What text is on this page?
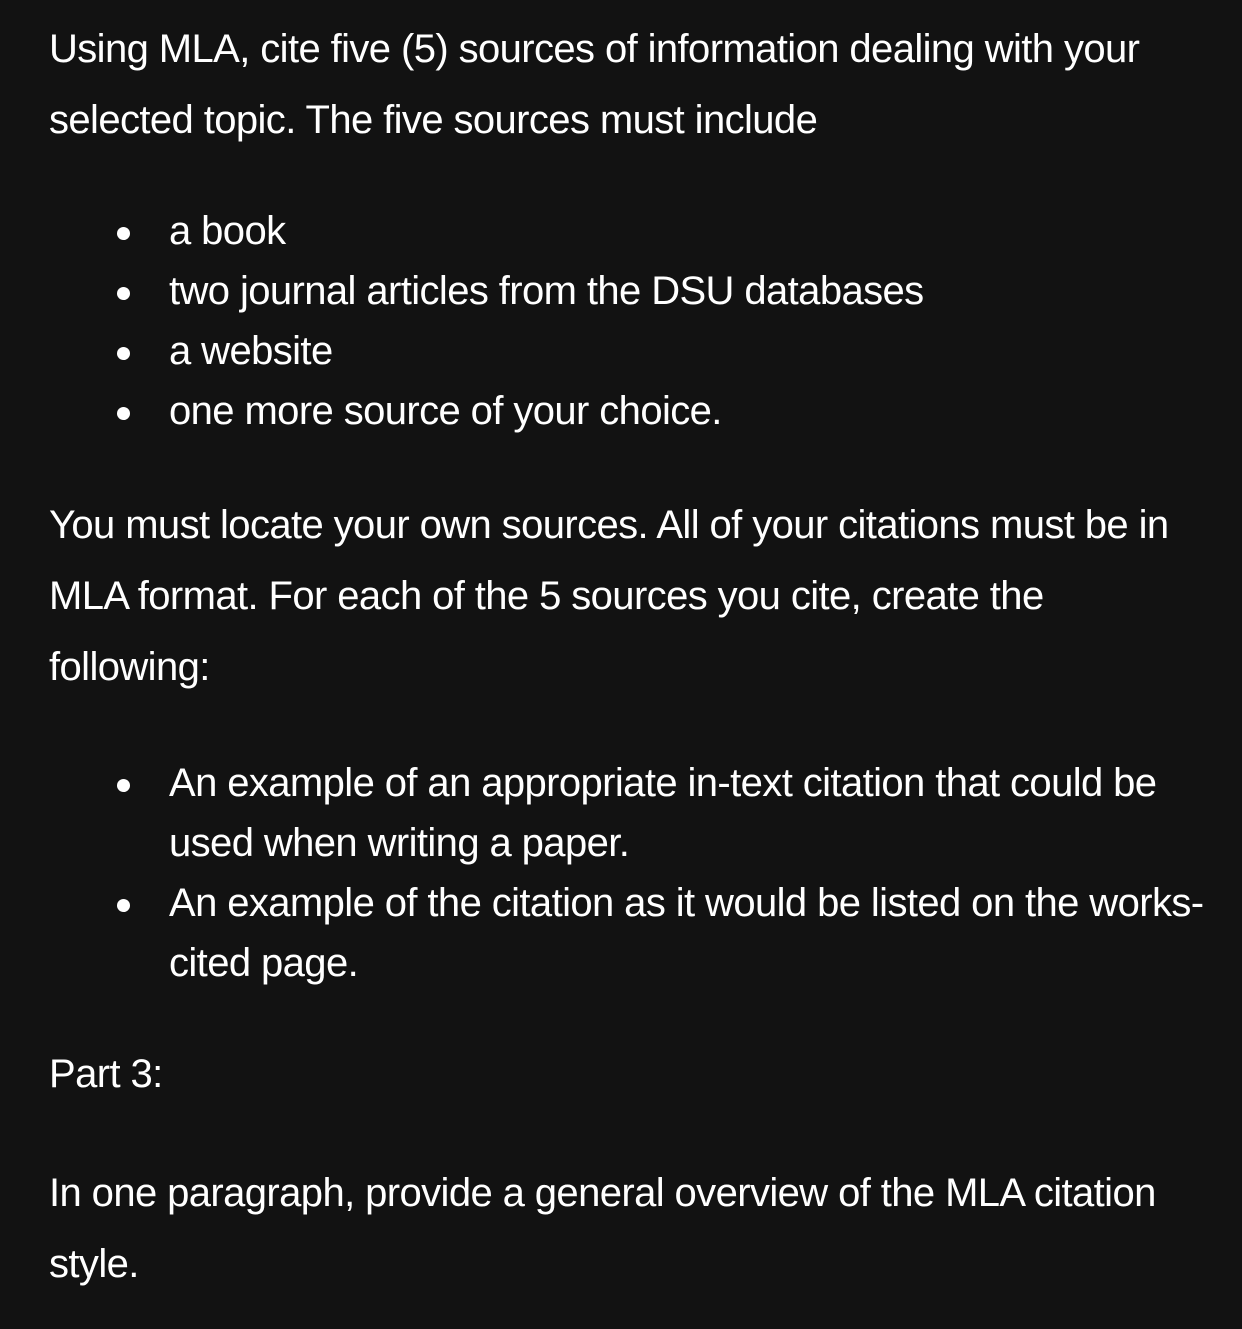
Using MLA, cite five (5) sources of information dealing with your selected topic. The five sources must include

a book
two journal articles from the DSU databases
a website
one more source of your choice.

You must locate your own sources. All of your citations must be in MLA format. For each of the 5 sources you cite, create the following:

An example of an appropriate in-text citation that could be used when writing a paper.
An example of the citation as it would be listed on the works-cited page.

Part 3:

In one paragraph, provide a general overview of the MLA citation style.
